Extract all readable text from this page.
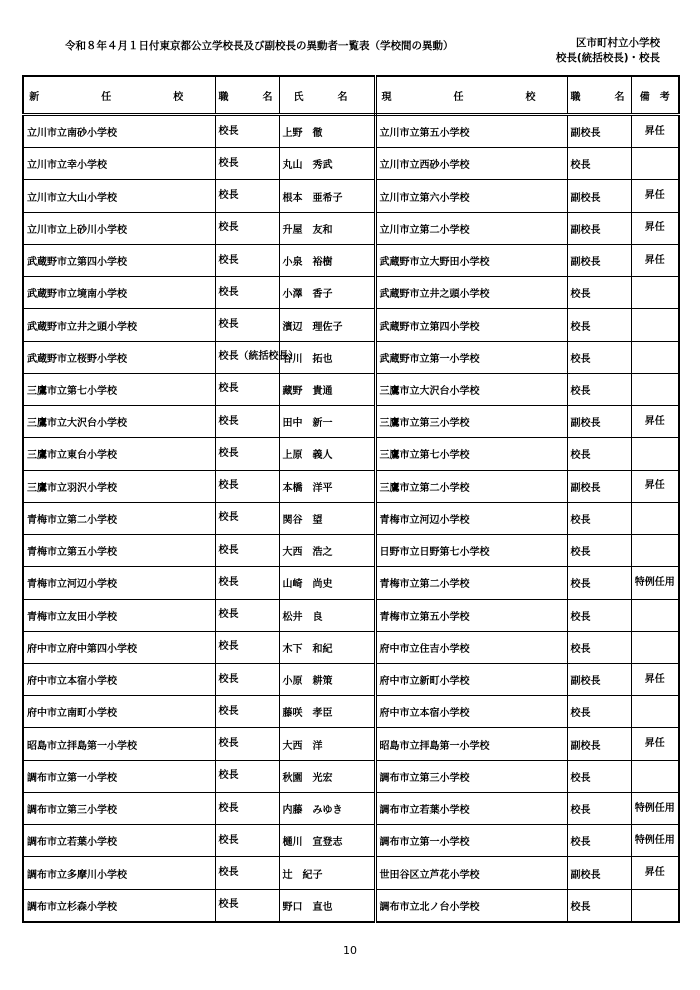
令和８年４月１日付東京都公立学校長及び副校長の異動者一覧表（学校間の異動）	区市町村立小学校
校長(統括校長)・校長
新　任　校	職　名	氏　名	現　任　校	職　名	備　考
立川市立南砂小学校	校長	上野　徹	立川市立第五小学校	副校長	昇任
立川市立幸小学校	校長	丸山　秀武	立川市立西砂小学校	校長	
立川市立大山小学校	校長	根本　亜希子	立川市立第六小学校	副校長	昇任
立川市立上砂川小学校	校長	升屋　友和	立川市立第二小学校	副校長	昇任
武蔵野市立第四小学校	校長	小泉　裕樹	武蔵野市立大野田小学校	副校長	昇任
武蔵野市立境南小学校	校長	小澤　香子	武蔵野市立井之頭小学校	校長	
武蔵野市立井之頭小学校	校長	濱辺　理佐子	武蔵野市立第四小学校	校長	
武蔵野市立桜野小学校	校長（統括校長）	谷川　拓也	武蔵野市立第一小学校	校長	
三鷹市立第七小学校	校長	藏野　貴通	三鷹市立大沢台小学校	校長	
三鷹市立大沢台小学校	校長	田中　新一	三鷹市立第三小学校	副校長	昇任
三鷹市立東台小学校	校長	上原　義人	三鷹市立第七小学校	校長	
三鷹市立羽沢小学校	校長	本橋　洋平	三鷹市立第二小学校	副校長	昇任
青梅市立第二小学校	校長	関谷　望	青梅市立河辺小学校	校長	
青梅市立第五小学校	校長	大西　浩之	日野市立日野第七小学校	校長	
青梅市立河辺小学校	校長	山崎　尚史	青梅市立第二小学校	校長	特例任用
青梅市立友田小学校	校長	松井　良	青梅市立第五小学校	校長	
府中市立府中第四小学校	校長	木下　和紀	府中市立住吉小学校	校長	
府中市立本宿小学校	校長	小原　耕策	府中市立新町小学校	副校長	昇任
府中市立南町小学校	校長	藤咲　孝臣	府中市立本宿小学校	校長	
昭島市立拝島第一小学校	校長	大西　洋	昭島市立拝島第一小学校	副校長	昇任
調布市立第一小学校	校長	秋園　光宏	調布市立第三小学校	校長	
調布市立第三小学校	校長	内藤　みゆき	調布市立若葉小学校	校長	特例任用
調布市立若葉小学校	校長	樋川　宣登志	調布市立第一小学校	校長	特例任用
調布市立多摩川小学校	校長	辻　紀子	世田谷区立芦花小学校	副校長	昇任
調布市立杉森小学校	校長	野口　直也	調布市立北ノ台小学校	校長	
10
